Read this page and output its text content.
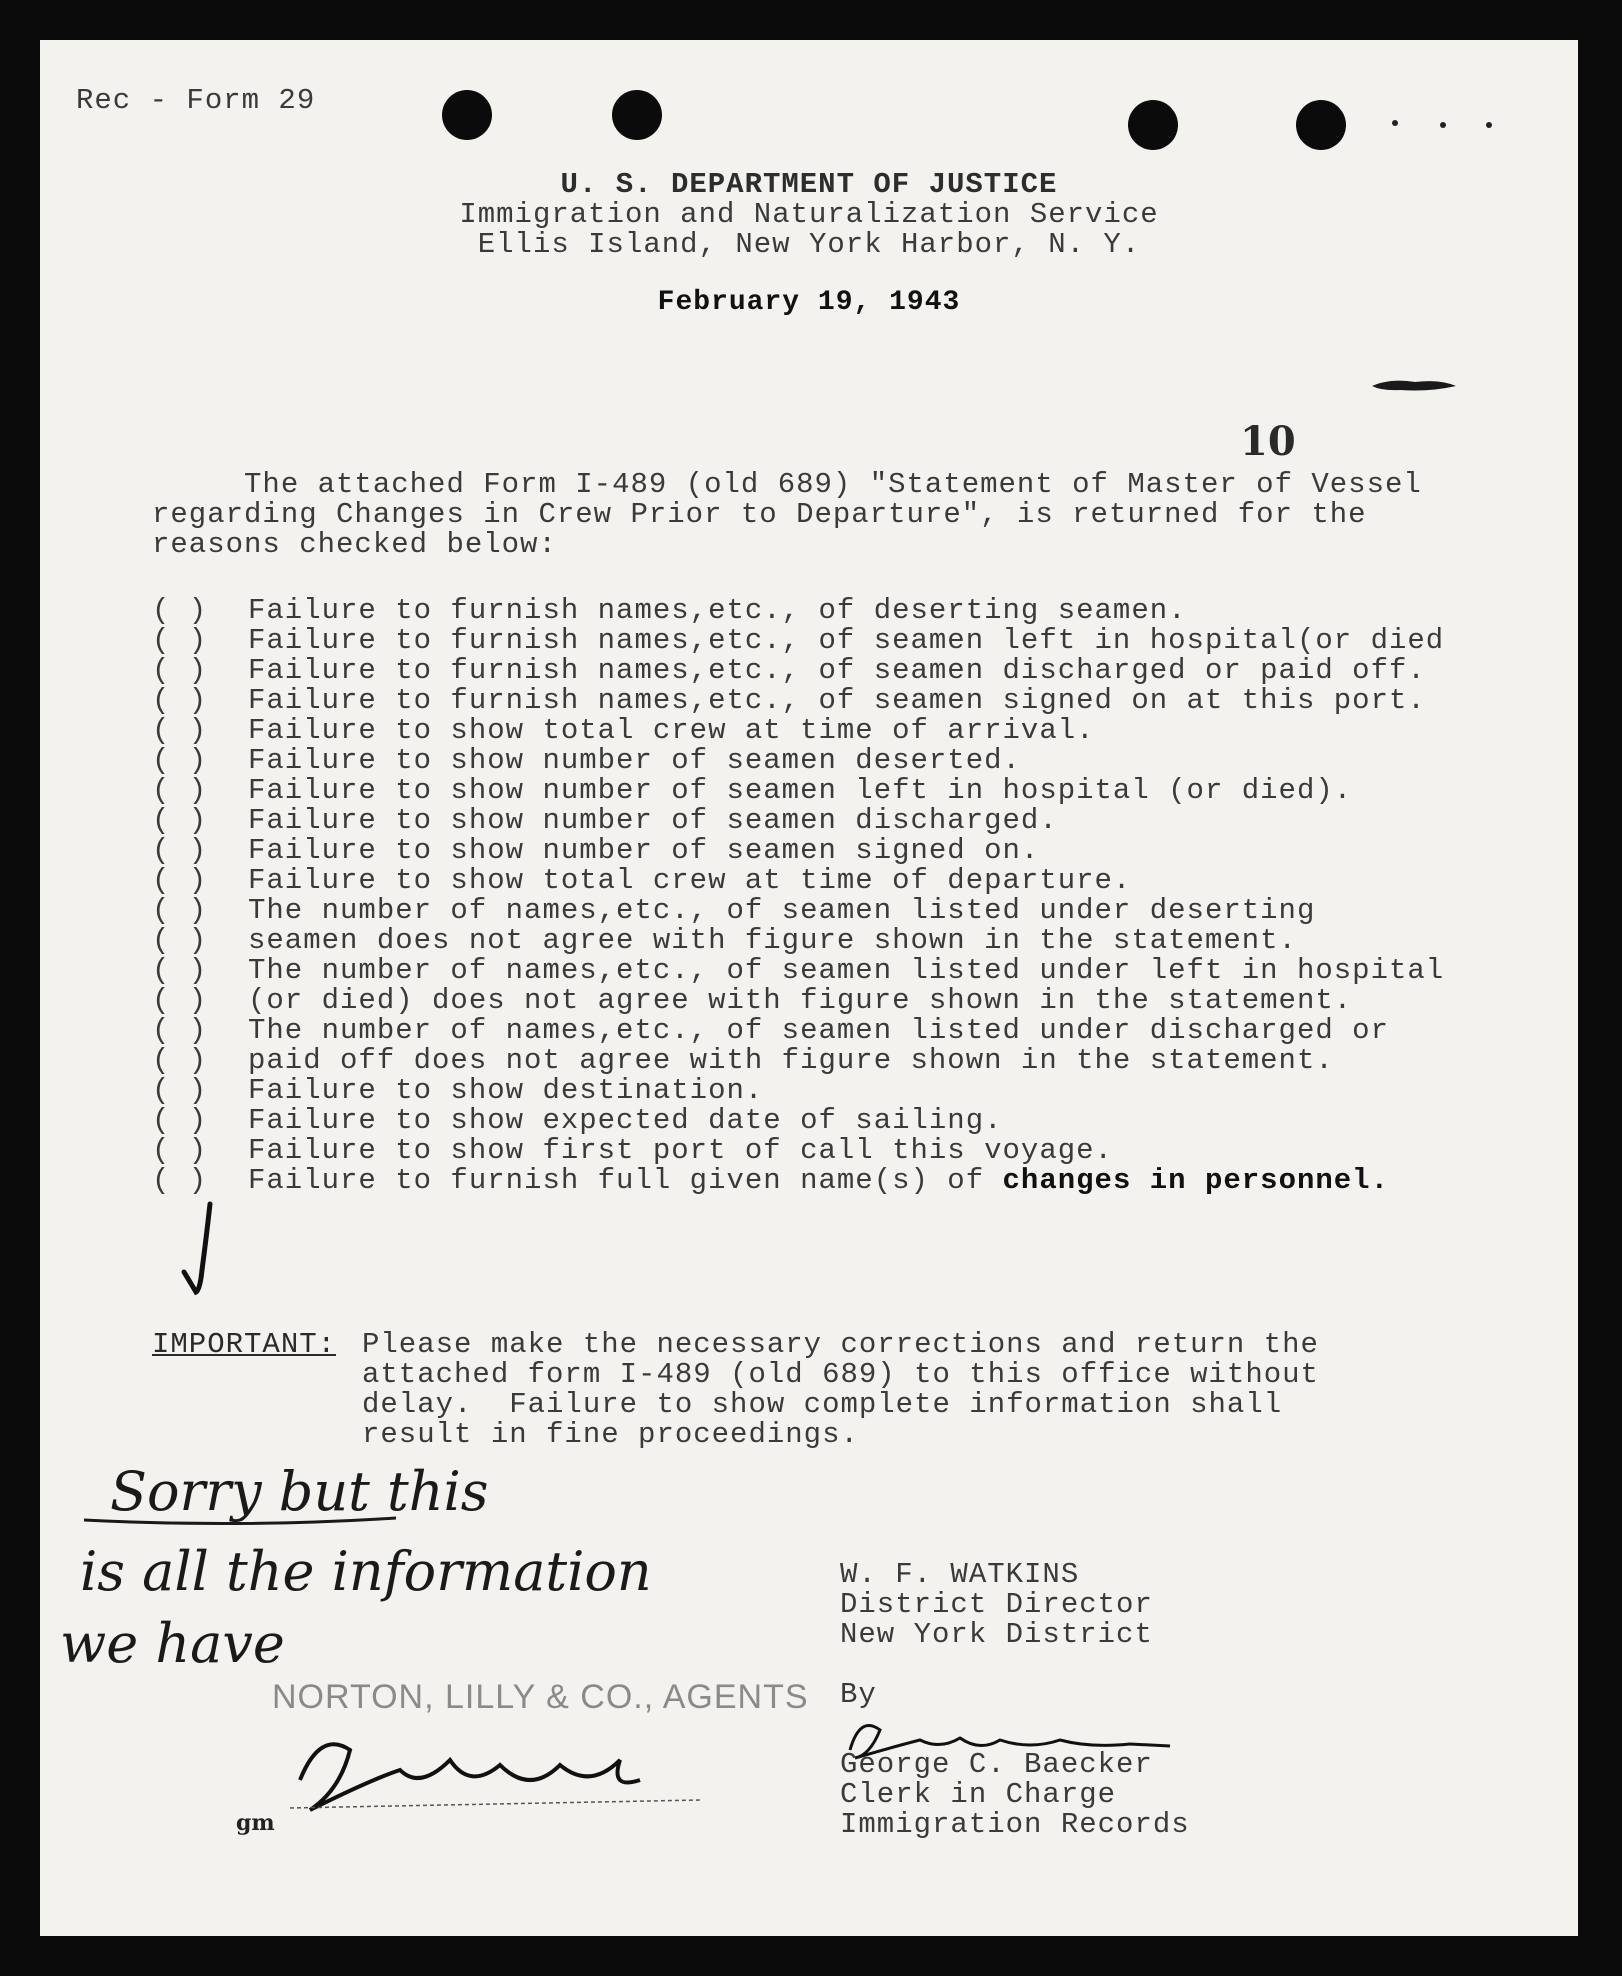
Rec - Form 29
U. S. DEPARTMENT OF JUSTICE
Immigration and Naturalization Service
Ellis Island, New York Harbor, N. Y.
February 19, 1943
10
The attached Form I-489 (old 689) "Statement of Master of Vessel
regarding Changes in Crew Prior to Departure", is returned for the
reasons checked below:
( )	Failure to furnish names,etc., of deserting seamen.
( )	Failure to furnish names,etc., of seamen left in hospital(or died
( )	Failure to furnish names,etc., of seamen discharged or paid off.
( )	Failure to furnish names,etc., of seamen signed on at this port.
( )	Failure to show total crew at time of arrival.
( )	Failure to show number of seamen deserted.
( )	Failure to show number of seamen left in hospital (or died).
( )	Failure to show number of seamen discharged.
( )	Failure to show number of seamen signed on.
( )	Failure to show total crew at time of departure.
( )	The number of names,etc., of seamen listed under deserting
( )	seamen does not agree with figure shown in the statement.
( )	The number of names,etc., of seamen listed under left in hospital
( )	(or died) does not agree with figure shown in the statement.
( )	The number of names,etc., of seamen listed under discharged or
( )	paid off does not agree with figure shown in the statement.
( )	Failure to show destination.
( )	Failure to show expected date of sailing.
( )	Failure to show first port of call this voyage.
( )	Failure to furnish full given name(s) of changes in personnel.
IMPORTANT: Please make the necessary corrections and return the
attached form I-489 (old 689) to this office without
delay.  Failure to show complete information shall
result in fine proceedings.
Sorry but this
is all the information
we have
NORTON, LILLY & CO., AGENTS
gm
W. F. WATKINS
District Director
New York District
By
George C. Baecker
Clerk in Charge
Immigration Records
